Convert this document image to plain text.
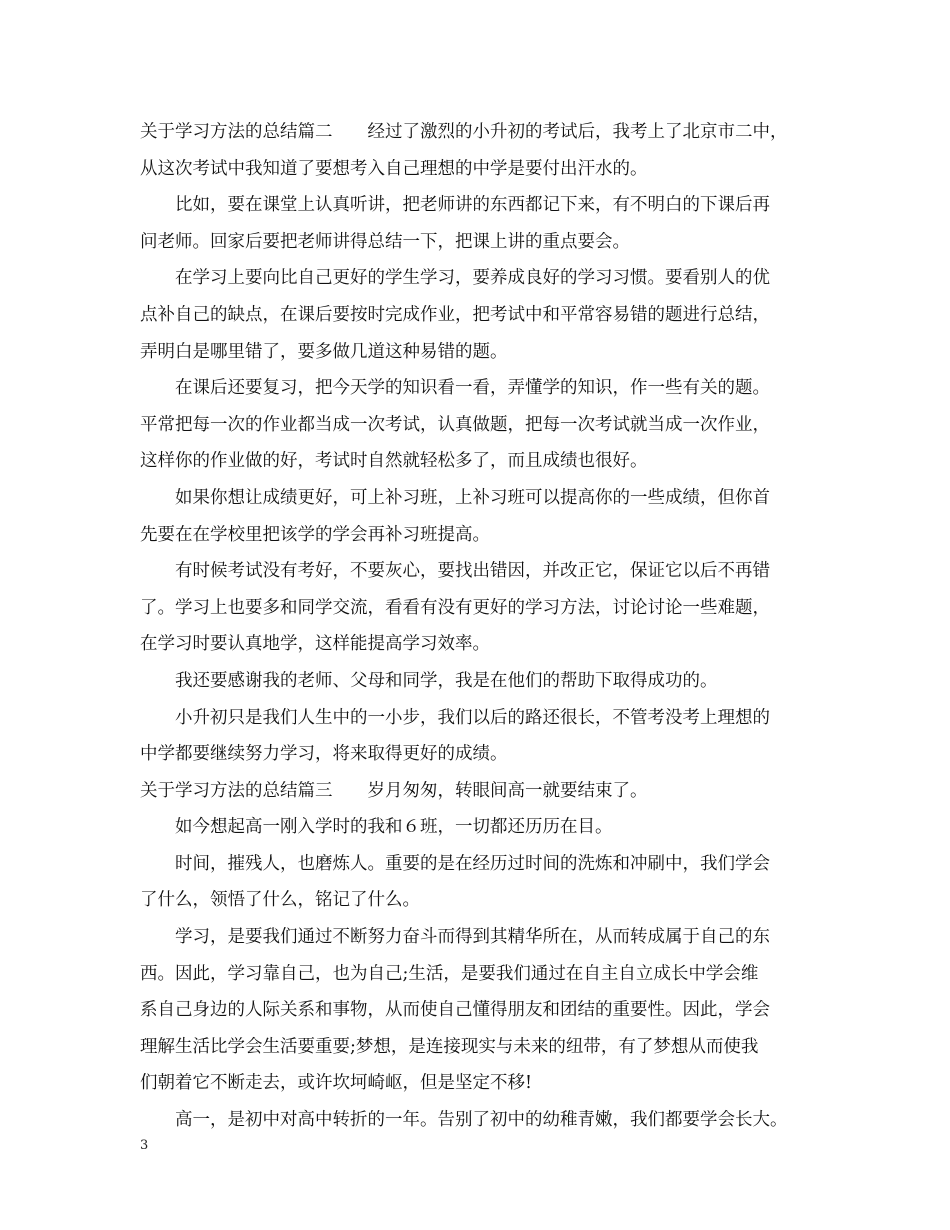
关于学习方法的总结篇二　　经过了激烈的小升初的考试后，我考上了北京市二中，
从这次考试中我知道了要想考入自己理想的中学是要付出汗水的。
　　比如，要在课堂上认真听讲，把老师讲的东西都记下来，有不明白的下课后再
问老师。回家后要把老师讲得总结一下，把课上讲的重点要会。
　　在学习上要向比自己更好的学生学习，要养成良好的学习习惯。要看别人的优
点补自己的缺点，在课后要按时完成作业，把考试中和平常容易错的题进行总结，
弄明白是哪里错了，要多做几道这种易错的题。
　　在课后还要复习，把今天学的知识看一看，弄懂学的知识，作一些有关的题。
平常把每一次的作业都当成一次考试，认真做题，把每一次考试就当成一次作业，
这样你的作业做的好，考试时自然就轻松多了，而且成绩也很好。
　　如果你想让成绩更好，可上补习班，上补习班可以提高你的一些成绩，但你首
先要在在学校里把该学的学会再补习班提高。
　　有时候考试没有考好，不要灰心，要找出错因，并改正它，保证它以后不再错
了。学习上也要多和同学交流，看看有没有更好的学习方法，讨论讨论一些难题，
在学习时要认真地学，这样能提高学习效率。
　　我还要感谢我的老师、父母和同学，我是在他们的帮助下取得成功的。
　　小升初只是我们人生中的一小步，我们以后的路还很长，不管考没考上理想的
中学都要继续努力学习，将来取得更好的成绩。
关于学习方法的总结篇三　　岁月匆匆，转眼间高一就要结束了。
　　如今想起高一刚入学时的我和６班，一切都还历历在目。
　　时间，摧残人，也磨炼人。重要的是在经历过时间的洗炼和冲刷中，我们学会
了什么，领悟了什么，铭记了什么。
　　学习，是要我们通过不断努力奋斗而得到其精华所在，从而转成属于自己的东
西。因此，学习靠自己，也为自己;生活，是要我们通过在自主自立成长中学会维
系自己身边的人际关系和事物，从而使自己懂得朋友和团结的重要性。因此，学会
理解生活比学会生活要重要;梦想，是连接现实与未来的纽带，有了梦想从而使我
们朝着它不断走去，或许坎坷崎岖，但是坚定不移!
　　高一，是初中对高中转折的一年。告别了初中的幼稚青嫩，我们都要学会长大。
3
